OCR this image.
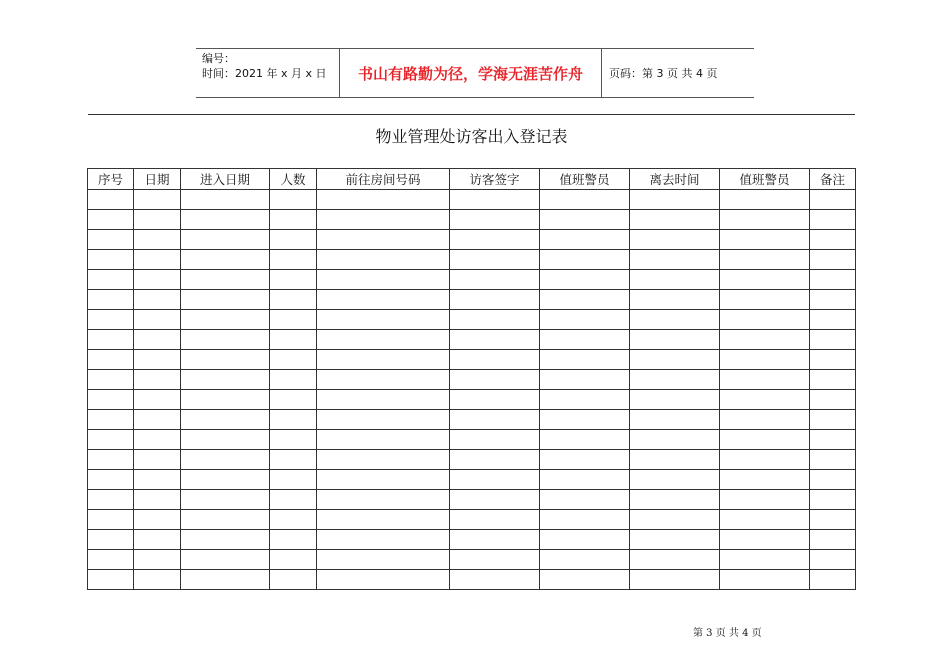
编号：
时间：2021 年 x 月 x 日	书山有路勤为径，学海无涯苦作舟	页码：第 3 页 共 4 页
物业管理处访客出入登记表
序号	日期	进入日期	人数	前往房间号码	访客签字	值班警员	离去时间	值班警员	备注

第 3 页 共 4 页
